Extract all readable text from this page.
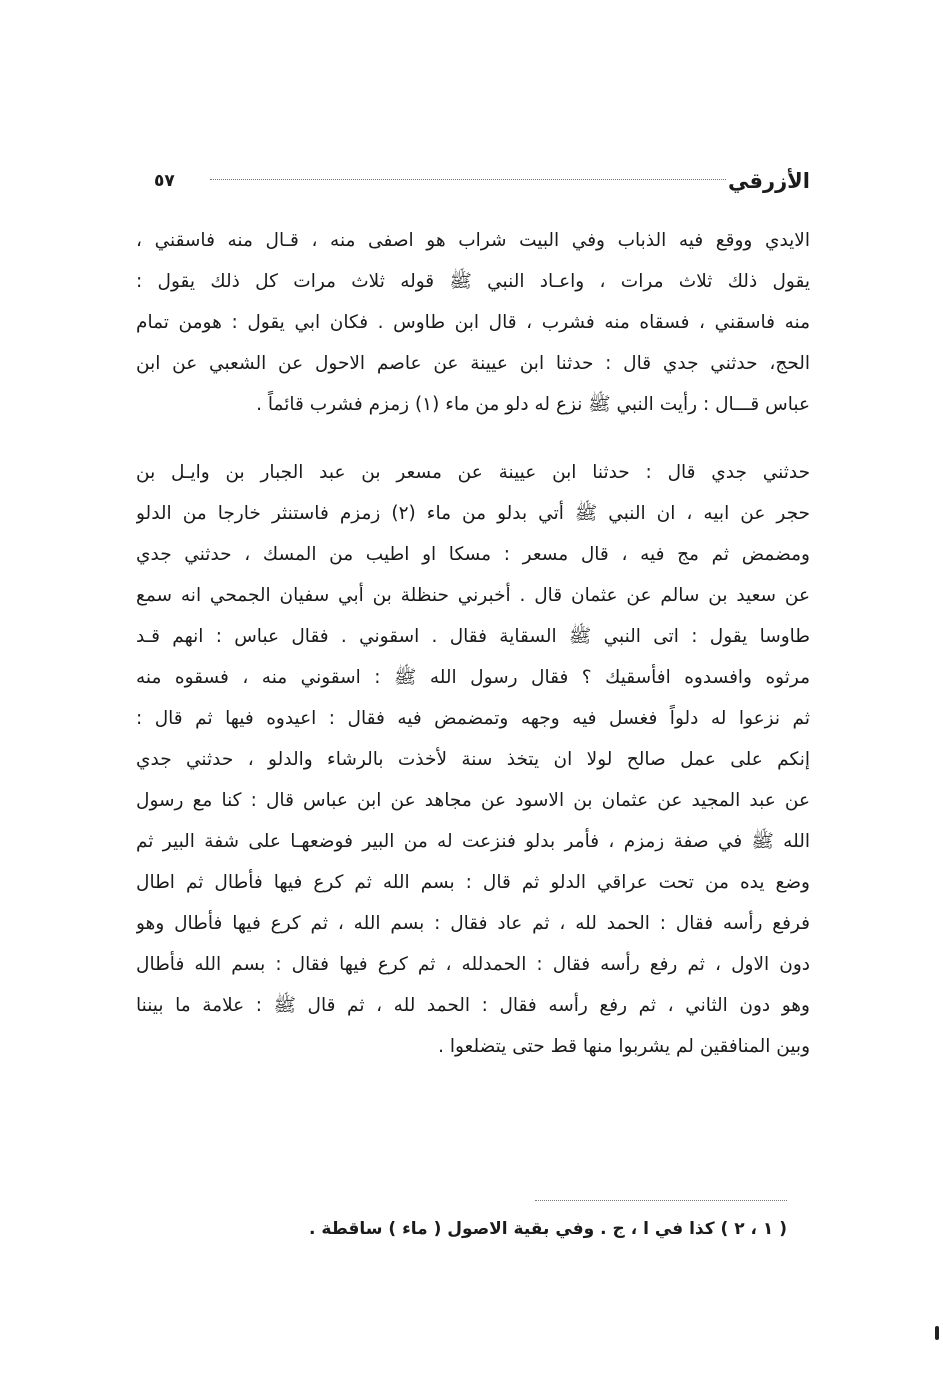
الأزرقي
٥٧
الايدي ووقع فيه الذباب وفي البيت شراب هو اصفى منه ، قـال منه فاسقني ،
يقول ذلك ثلاث مرات ، واعـاد النبي ﷺ قوله ثلاث مرات كل ذلك يقول :
منه فاسقني ، فسقاه منه فشرب ، قال ابن طاوس . فكان ابي يقول : هومن تمام
الحج، حدثني جدي قال : حدثنا ابن عيينة عن عاصم الاحول عن الشعبي عن ابن
عباس قـــال : رأيت النبي ﷺ نزع له دلو من ماء (١) زمزم فشرب قائماً .
حدثني جدي قال : حدثنا ابن عيينة عن مسعر بن عبد الجبار بن وايـل بن
حجر عن ابيه ، ان النبي ﷺ أتي بدلو من ماء (٢) زمزم فاستنثر خارجا من الدلو
ومضمض ثم مج فيه ، قال مسعر : مسكا او اطيب من المسك ، حدثني جدي
عن سعيد بن سالم عن عثمان قال . أخبرني حنظلة بن أبي سفيان الجمحي انه سمع
طاوسا يقول : اتى النبي ﷺ السقاية فقال . اسقوني . فقال عباس : انهم قـد
مرثوه وافسدوه افأسقيك ؟ فقال رسول الله ﷺ : اسقوني منه ، فسقوه منه
ثم نزعوا له دلواً فغسل فيه وجهه وتمضمض فيه فقال : اعيدوه فيها ثم قال :
إنكم على عمل صالح لولا ان يتخذ سنة لأخذت بالرشاء والدلو ، حدثني جدي
عن عبد المجيد عن عثمان بن الاسود عن مجاهد عن ابن عباس قال : كنا مع رسول
الله ﷺ في صفة زمزم ، فأمر بدلو فنزعت له من البير فوضعهـا على شفة البير ثم
وضع يده من تحت عراقي الدلو ثم قال : بسم الله ثم كرع فيها فأطال ثم اطال
فرفع رأسه فقال : الحمد لله ، ثم عاد فقال : بسم الله ، ثم كرع فيها فأطال وهو
دون الاول ، ثم رفع رأسه فقال : الحمدلله ، ثم كرع فيها فقال : بسم الله فأطال
وهو دون الثاني ، ثم رفع رأسه فقال : الحمد لله ، ثم قال ﷺ : علامة ما بيننا
وبين المنافقين لم يشربوا منها قط حتى يتضلعوا .
( ١ ، ٢ ) كذا في ا ، ج . وفي بقية الاصول ( ماء ) ساقطة .
